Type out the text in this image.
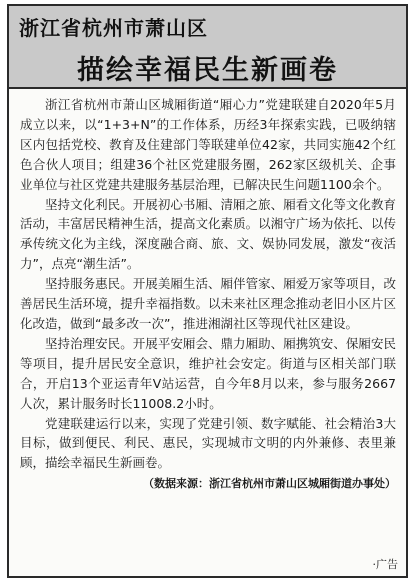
浙江省杭州市萧山区
描绘幸福民生新画卷

浙江省杭州市萧山区城厢街道“厢心力”党建联建自2020年5月成立以来，以“1+3+N”的工作体系，历经3年探索实践，已吸纳辖区内包括党校、教育及住建部门等联建单位42家，共同实施42个红色合伙人项目；组建36个社区党建服务圈，262家区级机关、企事业单位与社区党建共建服务基层治理，已解决民生问题1100余个。

坚持文化利民。开展初心书厢、清厢之旅、厢看文化等文化教育活动，丰富居民精神生活，提高文化素质。以湘守广场为依托、以传承传统文化为主线，深度融合商、旅、文、娱协同发展，激发“夜活力”，点亮“潮生活”。

坚持服务惠民。开展美厢生活、厢伴管家、厢爱万家等项目，改善居民生活环境，提升幸福指数。以未来社区理念推动老旧小区片区化改造，做到“最多改一次”，推进湘湖社区等现代社区建设。

坚持治理安民。开展平安厢会、鼎力厢助、厢携筑安、保厢安民等项目，提升居民安全意识，维护社会安定。街道与区相关部门联合，开启13个亚运青年V站运营，自今年8月以来，参与服务2667人次，累计服务时长11008.2小时。

党建联建运行以来，实现了党建引领、数字赋能、社会精治3大目标，做到便民、利民、惠民，实现城市文明的内外兼修、表里兼顾，描绘幸福民生新画卷。

（数据来源：浙江省杭州市萧山区城厢街道办事处）

·广告
